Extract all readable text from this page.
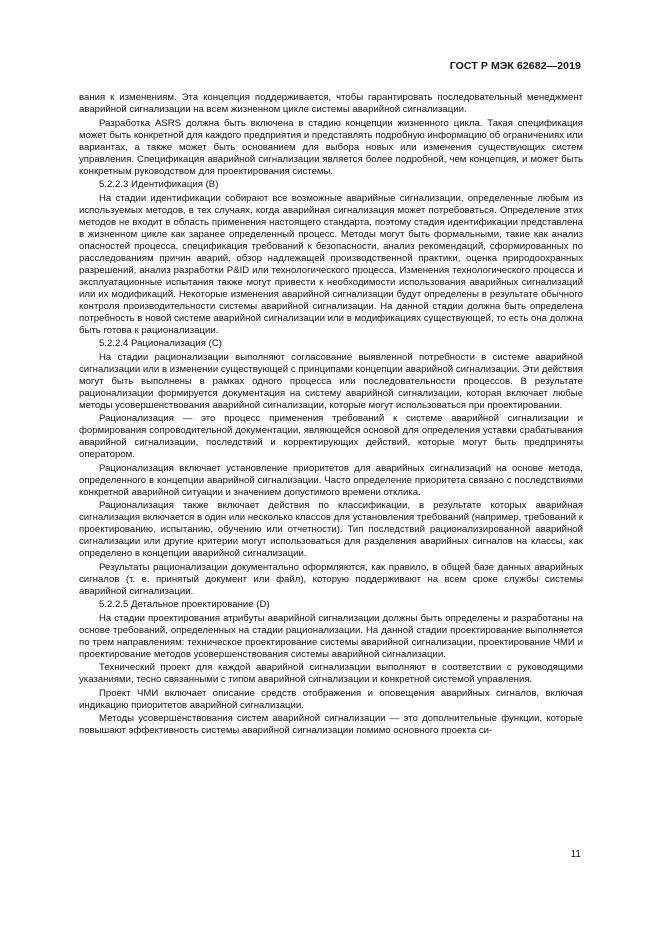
ГОСТ Р МЭК 62682—2019

вания к изменениям. Эта концепция поддерживается, чтобы гарантировать последовательный менеджмент аварийной сигнализации на всем жизненном цикле системы аварийной сигнализации.

Разработка ASRS должна быть включена в стадию концепции жизненного цикла. Такая спецификация может быть конкретной для каждого предприятия и представлять подробную информацию об ограничениях или вариантах, а также может быть основанием для выбора новых или изменения существующих систем управления. Спецификация аварийной сигнализации является более подробной, чем концепция, и может быть конкретным руководством для проектирования системы.

5.2.2.3 Идентификация (B)

На стадии идентификации собирают все возможные аварийные сигнализации, определенные любым из используемых методов, в тех случаях, когда аварийная сигнализация может потребоваться. Определение этих методов не входит в область применения настоящего стандарта, поэтому стадия идентификации представлена в жизненном цикле как заранее определенный процесс. Методы могут быть формальными, такие как анализ опасностей процесса, спецификация требований к безопасности, анализ рекомендаций, сформированных по расследованиям причин аварий, обзор надлежащей производственной практики, оценка природоохранных разрешений, анализ разработки P&ID или технологического процесса. Изменения технологического процесса и эксплуатационные испытания также могут привести к необходимости использования аварийных сигнализаций или их модификаций. Некоторые изменения аварийной сигнализации будут определены в результате обычного контроля производительности системы аварийной сигнализации. На данной стадии должна быть определена потребность в новой системе аварийной сигнализации или в модификациях существующей, то есть она должна быть готова к рационализации.

5.2.2.4 Рационализация (C)

На стадии рационализации выполняют согласование выявленной потребности в системе аварийной сигнализации или в изменении существующей с принципами концепции аварийной сигнализации. Эти действия могут быть выполнены в рамках одного процесса или последовательности процессов. В результате рационализации формируется документация на систему аварийной сигнализации, которая включает любые методы усовершенствования аварийной сигнализации, которые могут использоваться при проектировании.

Рационализация — это процесс применения требований к системе аварийной сигнализации и формирования сопроводительной документации, являющейся основой для определения уставки срабатывания аварийной сигнализации, последствий и корректирующих действий, которые могут быть предприняты оператором.

Рационализация включает установление приоритетов для аварийных сигнализаций на основе метода, определенного в концепции аварийной сигнализации. Часто определение приоритета связано с последствиями конкретной аварийной ситуации и значением допустимого времени отклика.

Рационализация также включает действия по классификации, в результате которых аварийная сигнализация включается в один или несколько классов для установления требований (например, требований к проектированию, испытанию, обучению или отчетности). Тип последствий рационализированной аварийной сигнализации или другие критерии могут использоваться для разделения аварийных сигналов на классы, как определено в концепции аварийной сигнализации.

Результаты рационализации документально оформляются, как правило, в общей базе данных аварийных сигналов (т. е. принятый документ или файл), которую поддерживают на всем сроке службы системы аварийной сигнализации.

5.2.2.5 Детальное проектирование (D)

На стадии проектирования атрибуты аварийной сигнализации должны быть определены и разработаны на основе требований, определенных на стадии рационализации. На данной стадии проектирование выполняется по трем направлениям: техническое проектирование системы аварийной сигнализации, проектирование ЧМИ и проектирование методов усовершенствования системы аварийной сигнализации.

Технический проект для каждой аварийной сигнализации выполняют в соответствии с руководящими указаниями, тесно связанными с типом аварийной сигнализации и конкретной системой управления.

Проект ЧМИ включает описание средств отображения и оповещения аварийных сигналов, включая индикацию приоритетов аварийной сигнализации.

Методы усовершенствования систем аварийной сигнализации — это дополнительные функции, которые повышают эффективность системы аварийной сигнализации помимо основного проекта си-

11
